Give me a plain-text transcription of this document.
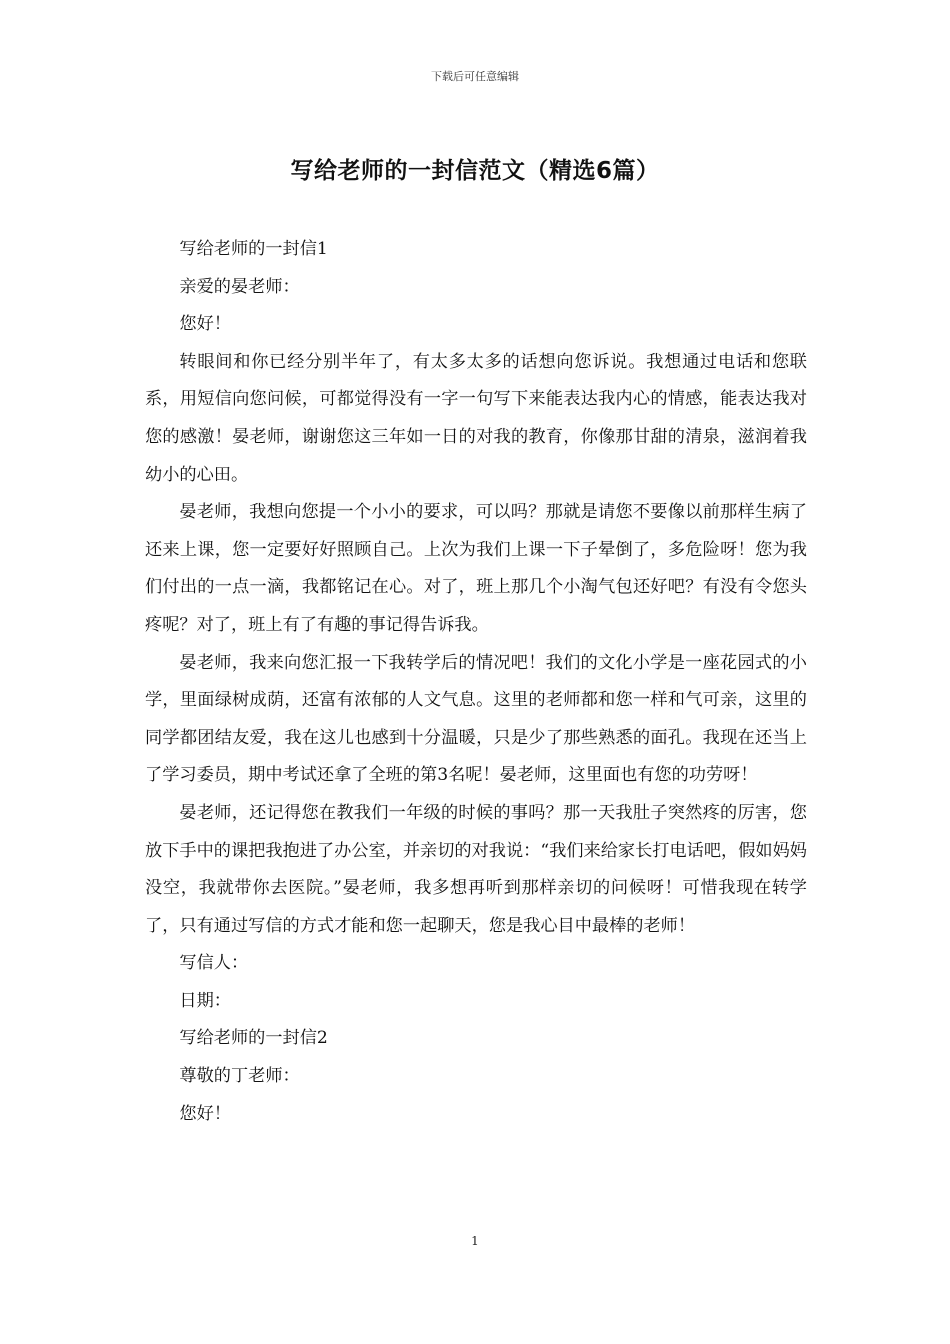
下载后可任意编辑
写给老师的一封信范文（精选6篇）

写给老师的一封信1

亲爱的晏老师：

您好！

转眼间和你已经分别半年了，有太多太多的话想向您诉说。我想通过电话和您联系，用短信向您问候，可都觉得没有一字一句写下来能表达我内心的情感，能表达我对您的感激！晏老师，谢谢您这三年如一日的对我的教育，你像那甘甜的清泉，滋润着我幼小的心田。

晏老师，我想向您提一个小小的要求，可以吗？那就是请您不要像以前那样生病了还来上课，您一定要好好照顾自己。上次为我们上课一下子晕倒了，多危险呀！您为我们付出的一点一滴，我都铭记在心。对了，班上那几个小淘气包还好吧？有没有令您头疼呢？对了，班上有了有趣的事记得告诉我。

晏老师，我来向您汇报一下我转学后的情况吧！我们的文化小学是一座花园式的小学，里面绿树成荫，还富有浓郁的人文气息。这里的老师都和您一样和气可亲，这里的同学都团结友爱，我在这儿也感到十分温暖，只是少了那些熟悉的面孔。我现在还当上了学习委员，期中考试还拿了全班的第3名呢！晏老师，这里面也有您的功劳呀！

晏老师，还记得您在教我们一年级的时候的事吗？那一天我肚子突然疼的厉害，您放下手中的课把我抱进了办公室，并亲切的对我说：“我们来给家长打电话吧，假如妈妈没空，我就带你去医院。”晏老师，我多想再听到那样亲切的问候呀！可惜我现在转学了，只有通过写信的方式才能和您一起聊天，您是我心目中最棒的老师！

写信人：

日期：

写给老师的一封信2

尊敬的丁老师：

您好！

1
